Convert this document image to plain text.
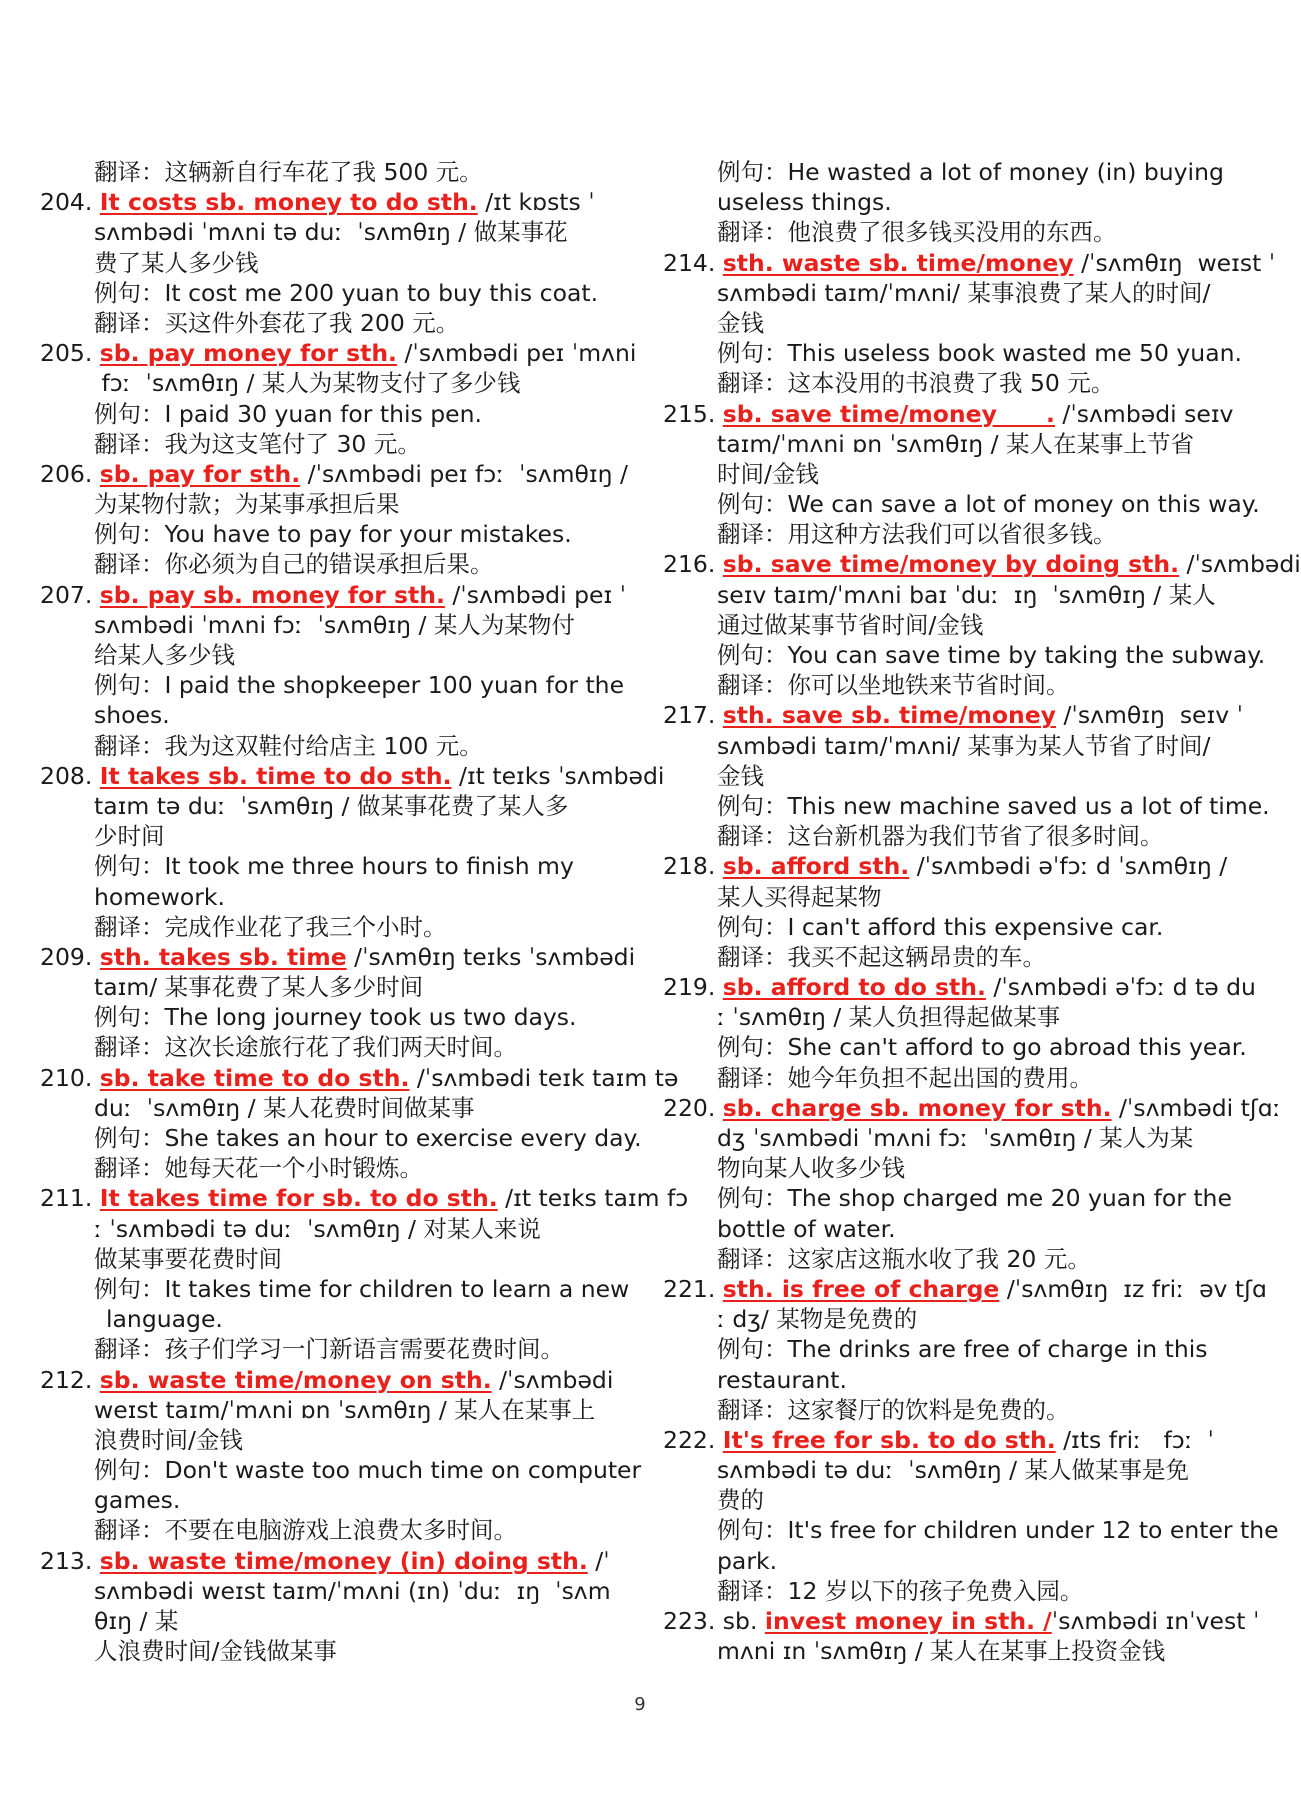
翻译：这辆新自行车花了我 500 元。
204. It costs sb. money to do sth. /ɪt kɒsts ˈ
sʌmbədi ˈmʌni tə duː  ˈsʌmθɪŋ / 做某事花
费了某人多少钱
例句：It cost me 200 yuan to buy this coat.
翻译：买这件外套花了我 200 元。
205. sb. pay money for sth. /ˈsʌmbədi peɪ ˈmʌni
fɔː  ˈsʌmθɪŋ / 某人为某物支付了多少钱
例句：I paid 30 yuan for this pen.
翻译：我为这支笔付了 30 元。
206. sb. pay for sth. /ˈsʌmbədi peɪ fɔː  ˈsʌmθɪŋ /
为某物付款；为某事承担后果
例句：You have to pay for your mistakes.
翻译：你必须为自己的错误承担后果。
207. sb. pay sb. money for sth. /ˈsʌmbədi peɪ ˈ
sʌmbədi ˈmʌni fɔː  ˈsʌmθɪŋ / 某人为某物付
给某人多少钱
例句：I paid the shopkeeper 100 yuan for the
shoes.
翻译：我为这双鞋付给店主 100 元。
208. It takes sb. time to do sth. /ɪt teɪks ˈsʌmbədi
taɪm tə duː  ˈsʌmθɪŋ / 做某事花费了某人多
少时间
例句：It took me three hours to finish my
homework.
翻译：完成作业花了我三个小时。
209. sth. takes sb. time /ˈsʌmθɪŋ teɪks ˈsʌmbədi
taɪm/ 某事花费了某人多少时间
例句：The long journey took us two days.
翻译：这次长途旅行花了我们两天时间。
210. sb. take time to do sth. /ˈsʌmbədi teɪk taɪm tə
duː  ˈsʌmθɪŋ / 某人花费时间做某事
例句：She takes an hour to exercise every day.
翻译：她每天花一个小时锻炼。
211. It takes time for sb. to do sth. /ɪt teɪks taɪm fɔ
ː ˈsʌmbədi tə duː  ˈsʌmθɪŋ / 对某人来说
做某事要花费时间
例句：It takes time for children to learn a new
language.
翻译：孩子们学习一门新语言需要花费时间。
212. sb. waste time/money on sth. /ˈsʌmbədi
weɪst taɪm/ˈmʌni ɒn ˈsʌmθɪŋ / 某人在某事上
浪费时间/金钱
例句：Don't waste too much time on computer
games.
翻译：不要在电脑游戏上浪费太多时间。
213. sb. waste time/money (in) doing sth. /ˈ
sʌmbədi weɪst taɪm/ˈmʌni (ɪn) ˈduː  ɪŋ  ˈsʌm
θɪŋ / 某
人浪费时间/金钱做某事
例句：He wasted a lot of money (in) buying
useless things.
翻译：他浪费了很多钱买没用的东西。
214. sth. waste sb. time/money /ˈsʌmθɪŋ  weɪst ˈ
sʌmbədi taɪm/ˈmʌni/ 某事浪费了某人的时间/
金钱
例句：This useless book wasted me 50 yuan.
翻译：这本没用的书浪费了我 50 元。
215. sb. save time/money      . /ˈsʌmbədi seɪv
taɪm/ˈmʌni ɒn ˈsʌmθɪŋ / 某人在某事上节省
时间/金钱
例句：We can save a lot of money on this way.
翻译：用这种方法我们可以省很多钱。
216. sb. save time/money by doing sth. /ˈsʌmbədi
seɪv taɪm/ˈmʌni baɪ ˈduː  ɪŋ  ˈsʌmθɪŋ / 某人
通过做某事节省时间/金钱
例句：You can save time by taking the subway.
翻译：你可以坐地铁来节省时间。
217. sth. save sb. time/money /ˈsʌmθɪŋ  seɪv ˈ
sʌmbədi taɪm/ˈmʌni/ 某事为某人节省了时间/
金钱
例句：This new machine saved us a lot of time.
翻译：这台新机器为我们节省了很多时间。
218. sb. afford sth. /ˈsʌmbədi əˈfɔː d ˈsʌmθɪŋ /
某人买得起某物
例句：I can't afford this expensive car.
翻译：我买不起这辆昂贵的车。
219. sb. afford to do sth. /ˈsʌmbədi əˈfɔː d tə du
ː ˈsʌmθɪŋ / 某人负担得起做某事
例句：She can't afford to go abroad this year.
翻译：她今年负担不起出国的费用。
220. sb. charge sb. money for sth. /ˈsʌmbədi tʃɑː
dʒ ˈsʌmbədi ˈmʌni fɔː  ˈsʌmθɪŋ / 某人为某
物向某人收多少钱
例句：The shop charged me 20 yuan for the
bottle of water.
翻译：这家店这瓶水收了我 20 元。
221. sth. is free of charge /ˈsʌmθɪŋ  ɪz friː  əv tʃɑ
ː dʒ/ 某物是免费的
例句：The drinks are free of charge in this
restaurant.
翻译：这家餐厅的饮料是免费的。
222. It's free for sb. to do sth. /ɪts friː   fɔː  ˈ
sʌmbədi tə duː  ˈsʌmθɪŋ / 某人做某事是免
费的
例句：It's free for children under 12 to enter the
park.
翻译：12 岁以下的孩子免费入园。
223. sb. invest money in sth. /ˈsʌmbədi ɪnˈvest ˈ
mʌni ɪn ˈsʌmθɪŋ / 某人在某事上投资金钱
9
